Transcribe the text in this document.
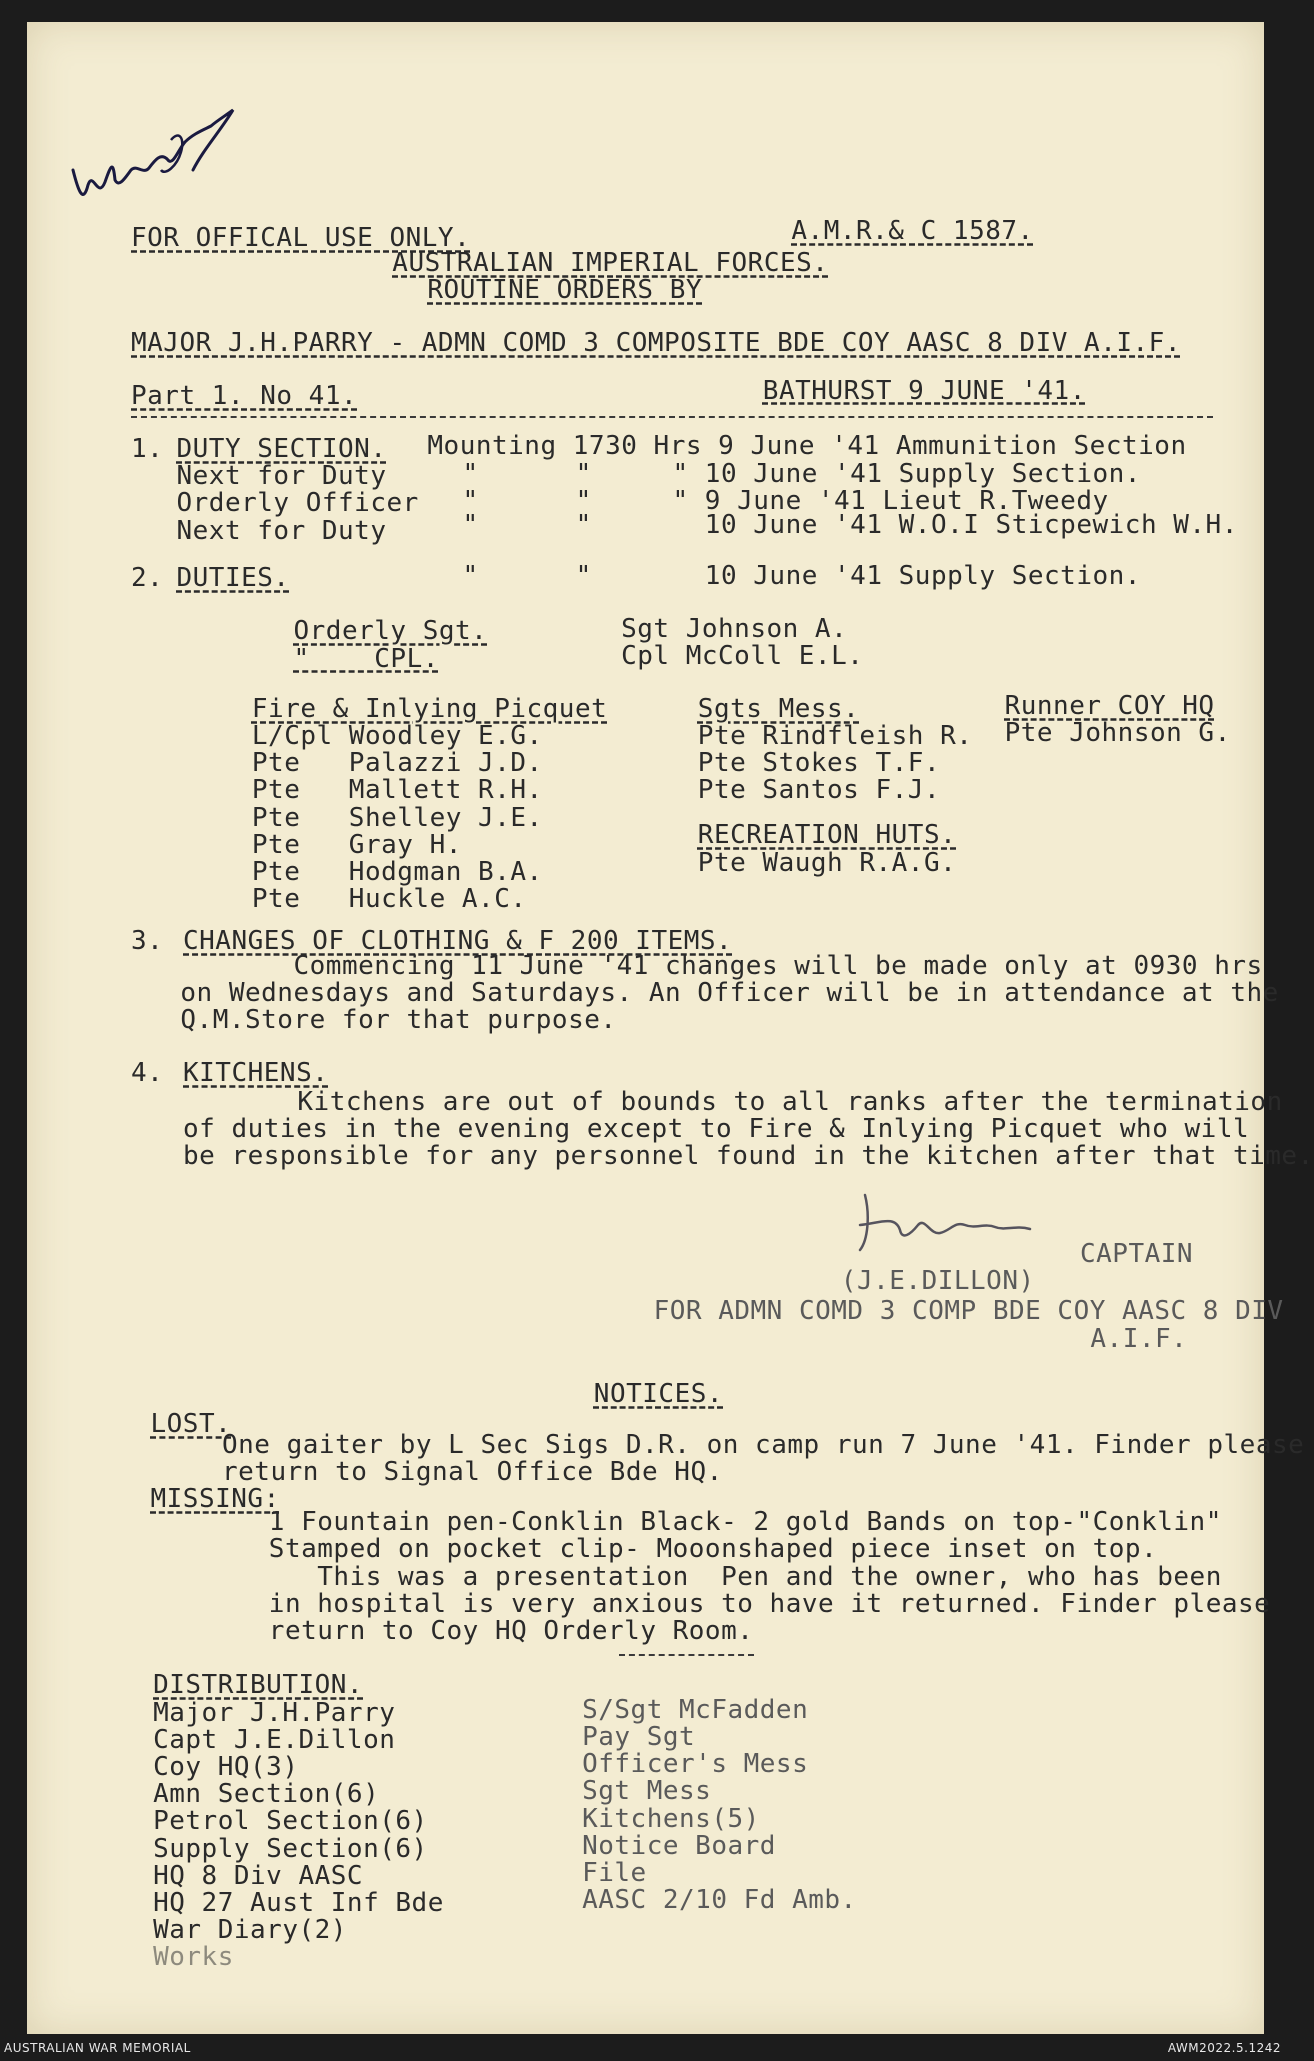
FOR OFFICAL USE ONLY.	A.M.R.& C 1587.
AUSTRALIAN IMPERIAL FORCES.
ROUTINE ORDERS BY
MAJOR J.H.PARRY - ADMN COMD 3 COMPOSITE BDE COY AASC 8 DIV A.I.F.
Part 1. No 41.	BATHURST 9 JUNE '41.
1. DUTY SECTION. Mounting 1730 Hrs 9 June '41 Ammunition Section
Next for Duty	"      "     " 10 June '41 Supply Section.
Orderly Officer "      "     " 9 June '41 Lieut R.Tweedy
Next for Duty	"      "       10 June '41 W.O.I Sticpewich W.H.
2. DUTIES.	"      "       10 June '41 Supply Section.
Orderly Sgt.	Sgt Johnson A.
"    CPL.	Cpl McColl E.L.
Fire & Inlying Picquet
L/Cpl Woodley E.G.
Pte   Palazzi J.D.
Pte   Mallett R.H.
Pte   Shelley J.E.
Pte   Gray H.
Pte   Hodgman B.A.
Pte   Huckle A.C.
Sgts Mess.
Pte Rindfleish R.
Pte Stokes T.F.
Pte Santos F.J.
RECREATION HUTS.
Pte Waugh R.A.G.
Runner COY HQ
Pte Johnson G.
3. CHANGES OF CLOTHING & F 200 ITEMS.
Commencing 11 June '41 changes will be made only at 0930 hrs
on Wednesdays and Saturdays. An Officer will be in attendance at the
Q.M.Store for that purpose.
4. KITCHENS.
Kitchens are out of bounds to all ranks after the termination
of duties in the evening except to Fire & Inlying Picquet who will
be responsible for any personnel found in the kitchen after that time.
CAPTAIN
(J.E.DILLON)
FOR ADMN COMD 3 COMP BDE COY AASC 8 DIV
A.I.F.
NOTICES.
LOST.
One gaiter by L Sec Sigs D.R. on camp run 7 June '41. Finder please
return to Signal Office Bde HQ.
MISSING:
1 Fountain pen-Conklin Black- 2 gold Bands on top-"Conklin"
Stamped on pocket clip- Mooonshaped piece inset on top.
This was a presentation  Pen and the owner, who has been
in hospital is very anxious to have it returned. Finder please
return to Coy HQ Orderly Room.
DISTRIBUTION.
Major J.H.Parry
Capt J.E.Dillon
Coy HQ(3)
Amn Section(6)
Petrol Section(6)
Supply Section(6)
HQ 8 Div AASC
HQ 27 Aust Inf Bde
War Diary(2)
Works
S/Sgt McFadden
Pay Sgt
Officer's Mess
Sgt Mess
Kitchens(5)
Notice Board
File
AASC 2/10 Fd Amb.
AUSTRALIAN WAR MEMORIAL	AWM2022.5.1242
